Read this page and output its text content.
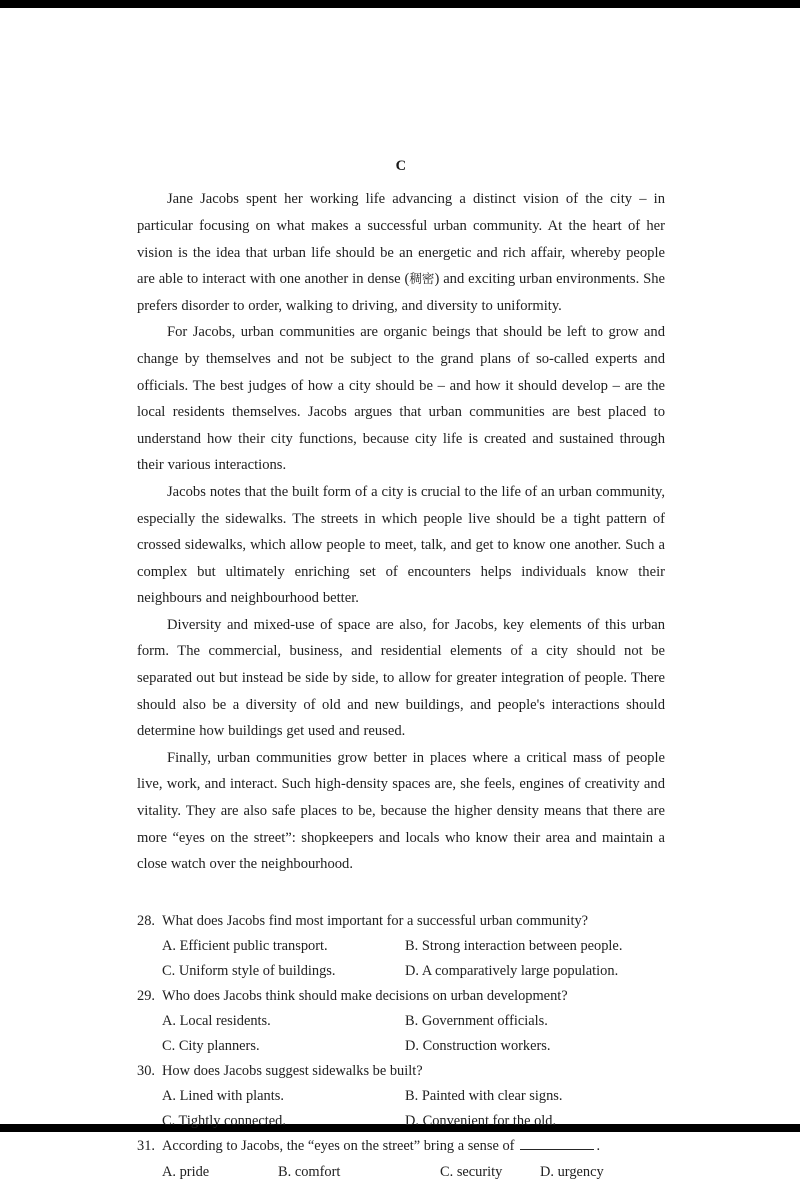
C

Jane Jacobs spent her working life advancing a distinct vision of the city – in particular focusing on what makes a successful urban community. At the heart of her vision is the idea that urban life should be an energetic and rich affair, whereby people are able to interact with one another in dense (稠密) and exciting urban environments. She prefers disorder to order, walking to driving, and diversity to uniformity.

For Jacobs, urban communities are organic beings that should be left to grow and change by themselves and not be subject to the grand plans of so-called experts and officials. The best judges of how a city should be – and how it should develop – are the local residents themselves. Jacobs argues that urban communities are best placed to understand how their city functions, because city life is created and sustained through their various interactions.

Jacobs notes that the built form of a city is crucial to the life of an urban community, especially the sidewalks. The streets in which people live should be a tight pattern of crossed sidewalks, which allow people to meet, talk, and get to know one another. Such a complex but ultimately enriching set of encounters helps individuals know their neighbours and neighbourhood better.

Diversity and mixed-use of space are also, for Jacobs, key elements of this urban form. The commercial, business, and residential elements of a city should not be separated out but instead be side by side, to allow for greater integration of people. There should also be a diversity of old and new buildings, and people's interactions should determine how buildings get used and reused.

Finally, urban communities grow better in places where a critical mass of people live, work, and interact. Such high-density spaces are, she feels, engines of creativity and vitality. They are also safe places to be, because the higher density means that there are more “eyes on the street”: shopkeepers and locals who know their area and maintain a close watch over the neighbourhood.

28. What does Jacobs find most important for a successful urban community?
A. Efficient public transport.	B. Strong interaction between people.
C. Uniform style of buildings.	D. A comparatively large population.
29. Who does Jacobs think should make decisions on urban development?
A. Local residents.	B. Government officials.
C. City planners.	D. Construction workers.
30. How does Jacobs suggest sidewalks be built?
A. Lined with plants.	B. Painted with clear signs.
C. Tightly connected.	D. Convenient for the old.
31. According to Jacobs, the “eyes on the street” bring a sense of	.
A. pride	B. comfort	C. security	D. urgency
